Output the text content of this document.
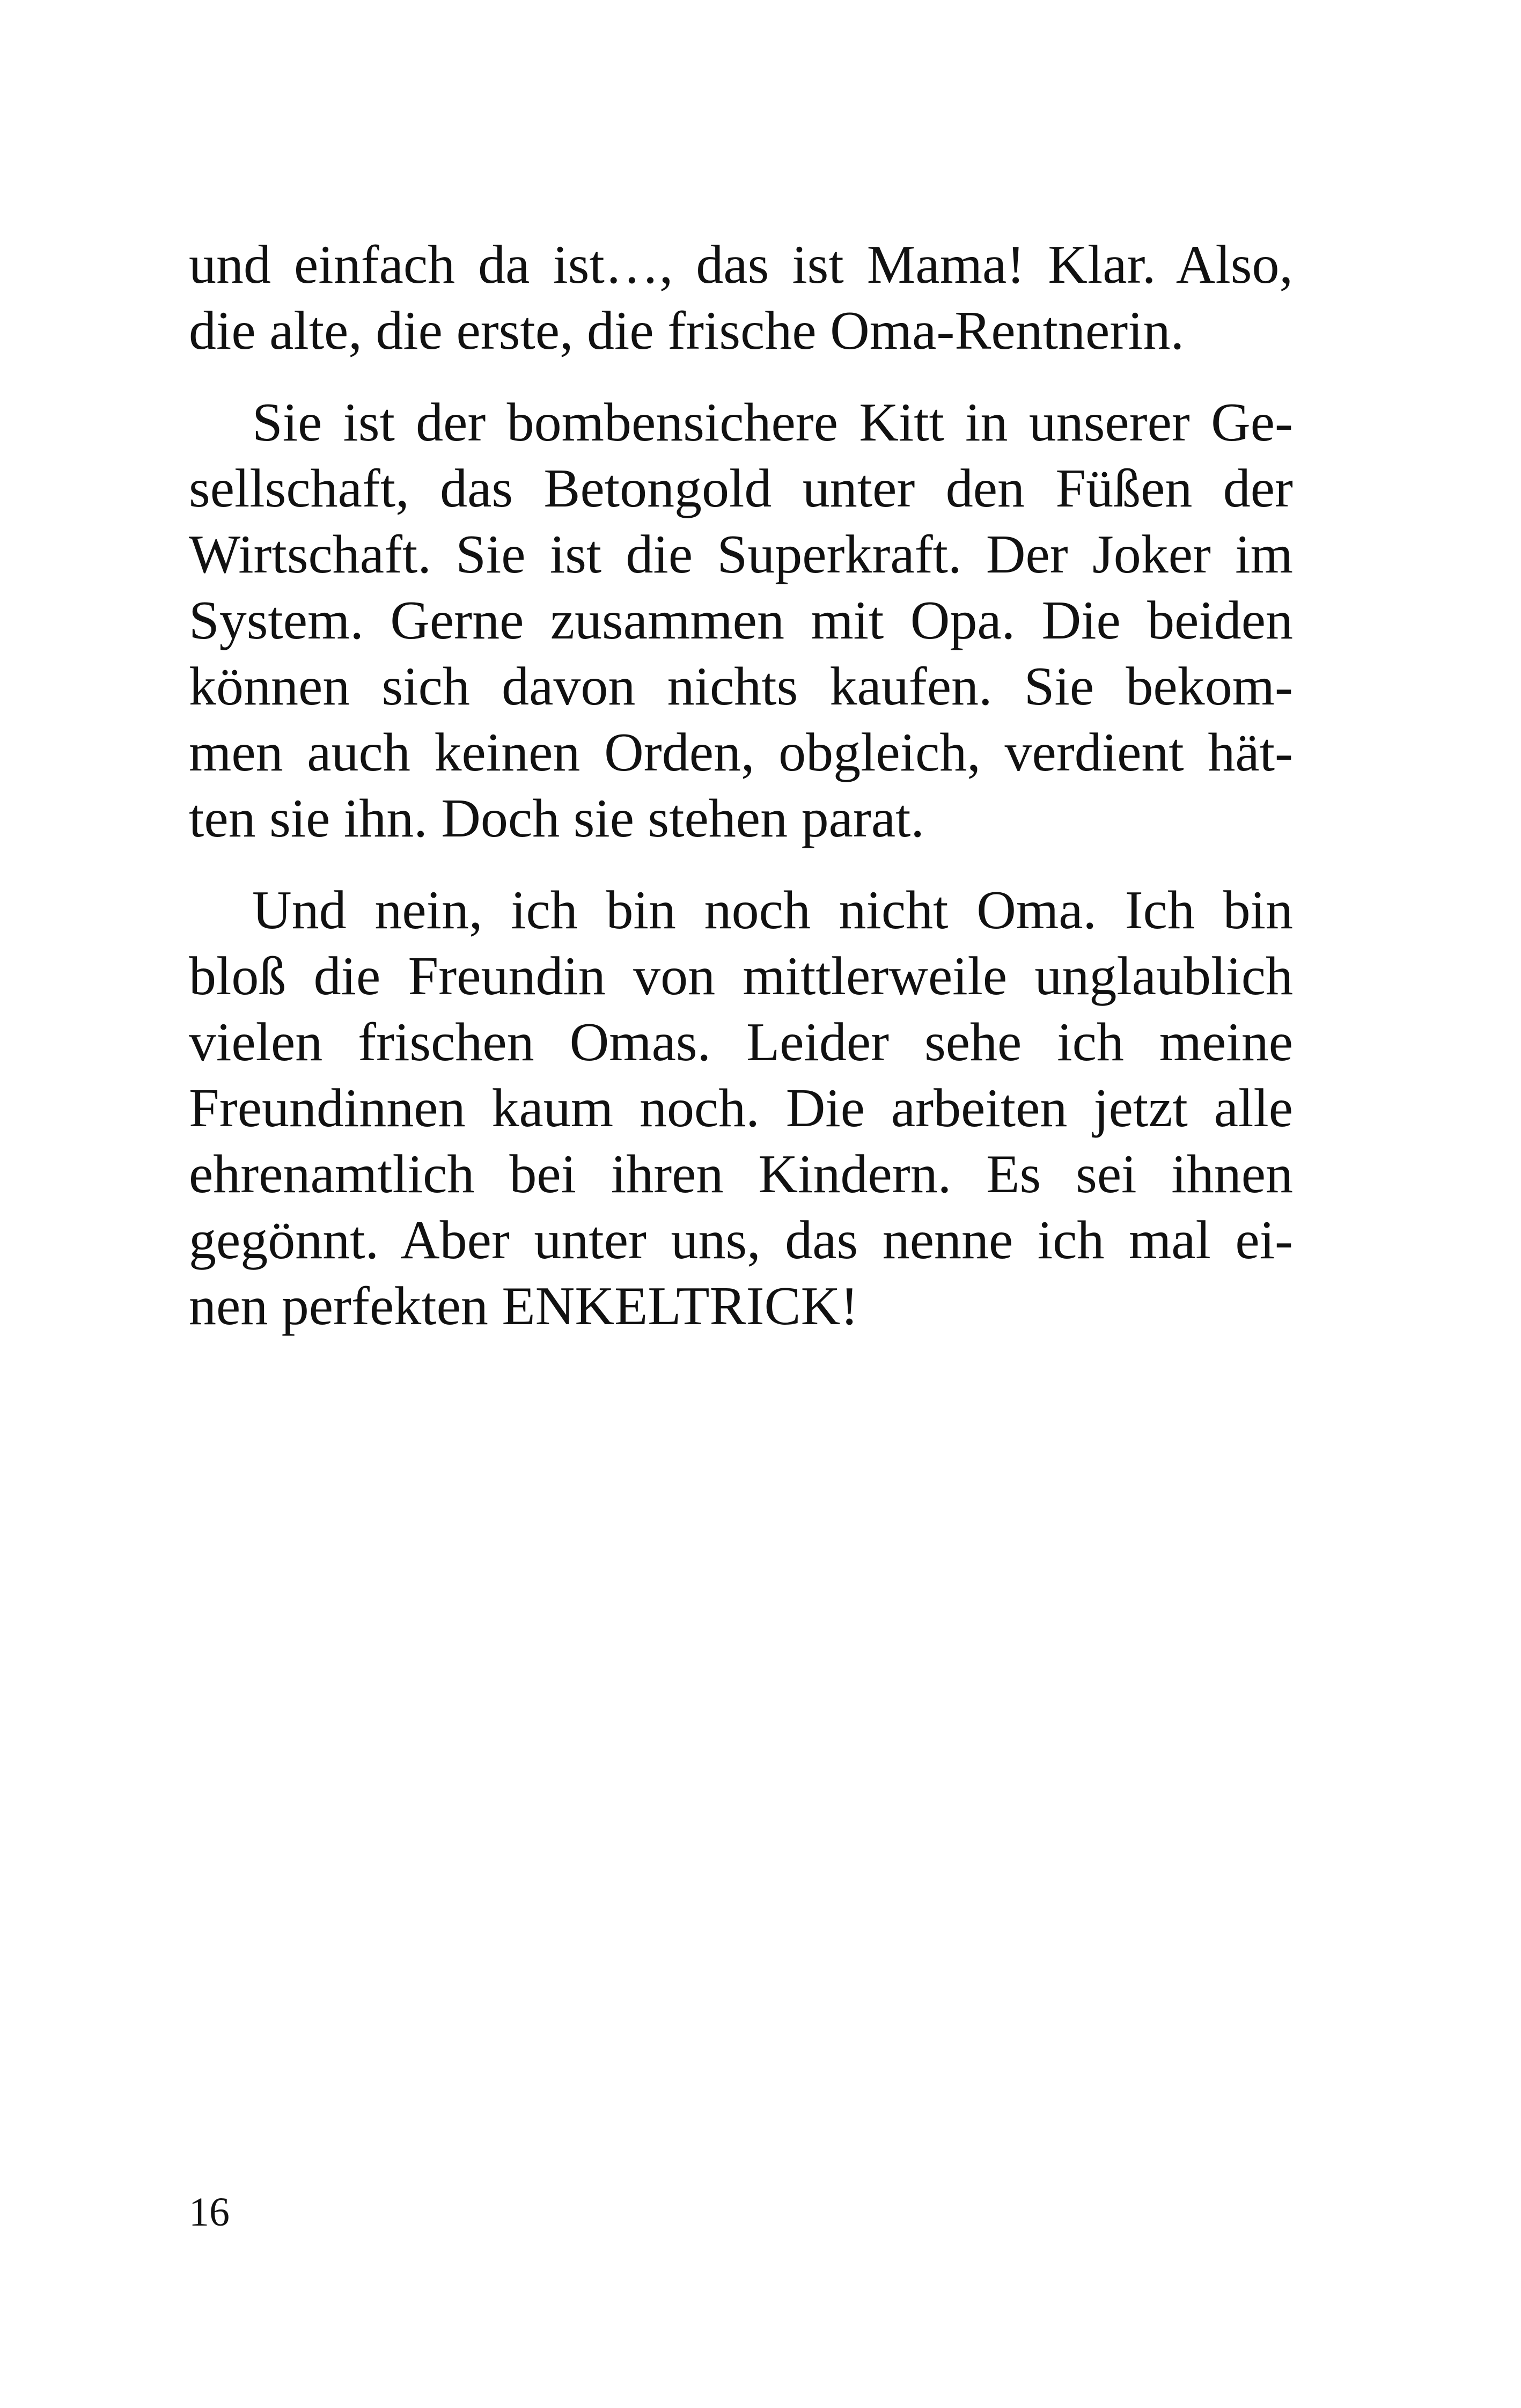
und einfach da ist…, das ist Mama! Klar. Also,
die alte, die erste, die frische Oma-Rentnerin.
Sie ist der bombensichere Kitt in unserer Ge-
sellschaft, das Betongold unter den Füßen der
Wirtschaft. Sie ist die Superkraft. Der Joker im
System. Gerne zusammen mit Opa. Die beiden
können sich davon nichts kaufen. Sie bekom-
men auch keinen Orden, obgleich, verdient hät-
ten sie ihn. Doch sie stehen parat.
Und nein, ich bin noch nicht Oma. Ich bin
bloß die Freundin von mittlerweile unglaublich
vielen frischen Omas. Leider sehe ich meine
Freundinnen kaum noch. Die arbeiten jetzt alle
ehrenamtlich bei ihren Kindern. Es sei ihnen
gegönnt. Aber unter uns, das nenne ich mal ei-
nen perfekten ENKELTRICK!
16
